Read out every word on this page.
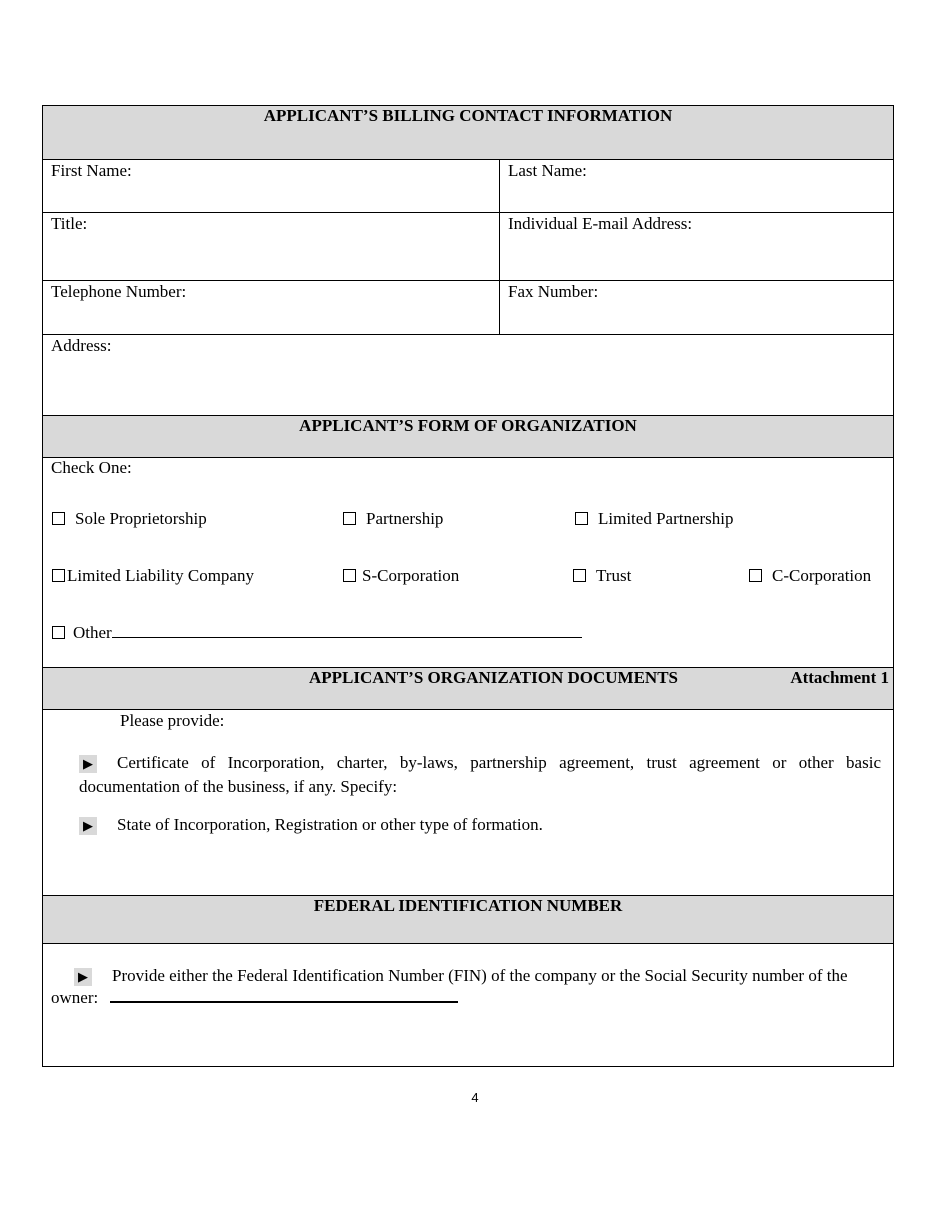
APPLICANT’S BILLING CONTACT INFORMATION
First Name:	Last Name:
Title:	Individual E-mail Address:
Telephone Number:	Fax Number:
Address:
APPLICANT’S FORM OF ORGANIZATION
Check One:
Sole Proprietorship	Partnership	Limited Partnership
Limited Liability Company	S-Corporation	Trust	C-Corporation
Other
APPLICANT’S ORGANIZATION DOCUMENTS	Attachment 1
Please provide:
▶ Certificate of Incorporation, charter, by-laws, partnership agreement, trust agreement or other basic documentation of the business, if any. Specify:
▶ State of Incorporation, Registration or other type of formation.
FEDERAL IDENTIFICATION NUMBER
▶ Provide either the Federal Identification Number (FIN) of the company or the Social Security number of the owner:
4
